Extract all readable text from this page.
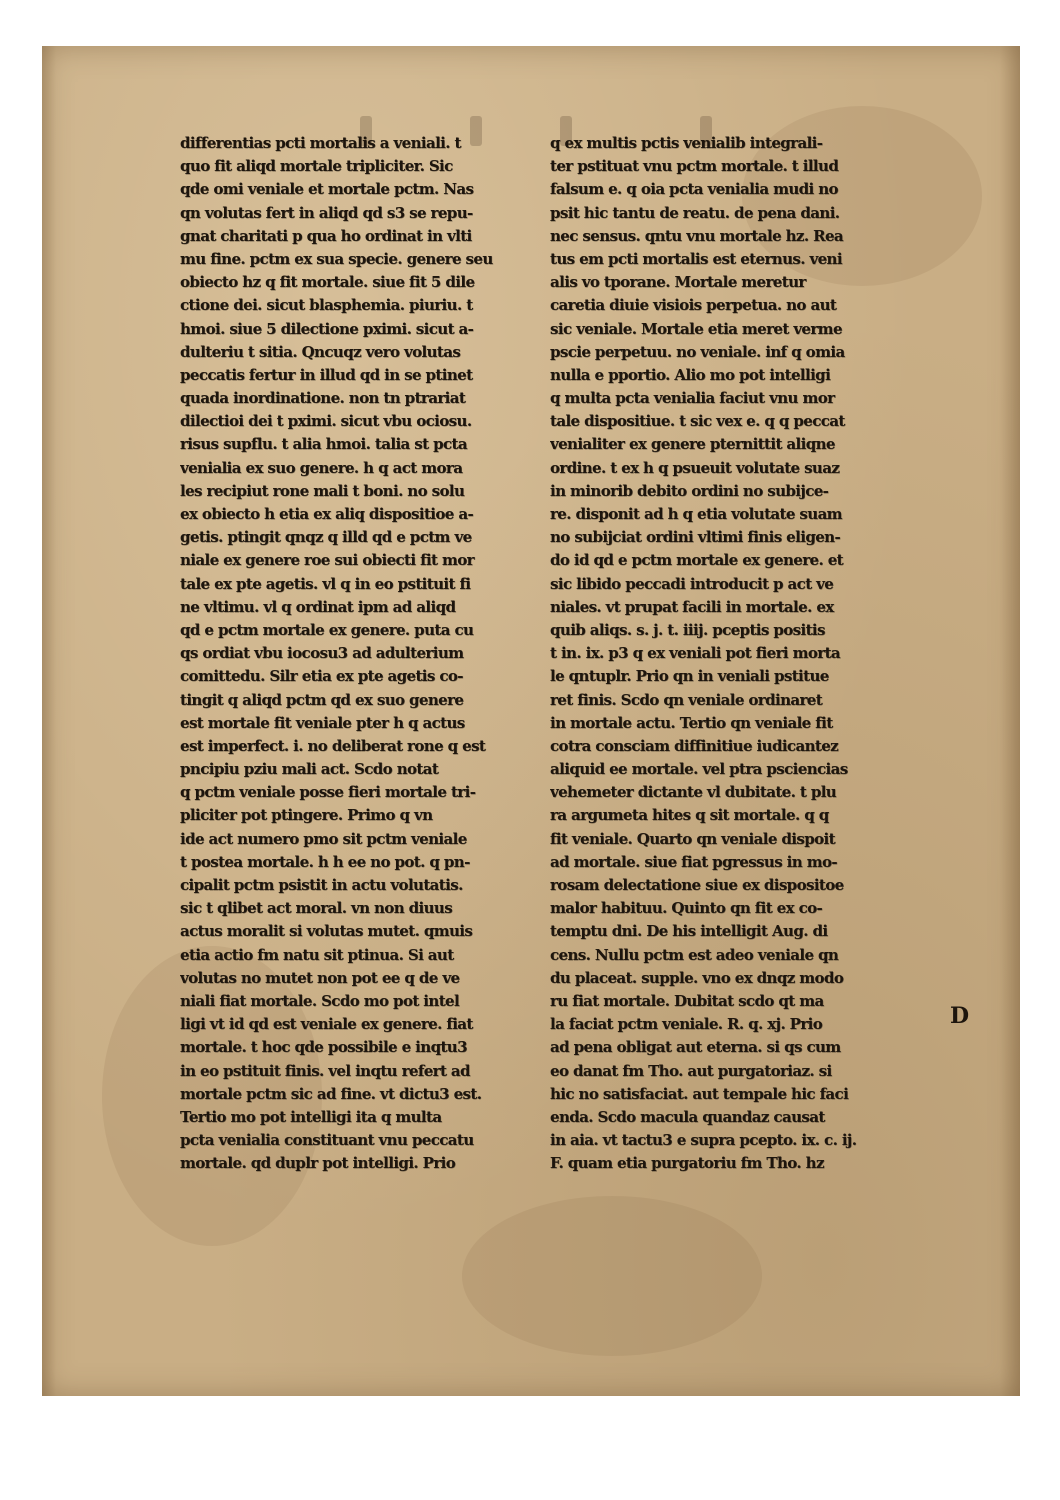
differentias pcti mortalis a veniali. t
quo fit aliqd mortale tripliciter. Sic
qde omi veniale et mortale pctm. Nas
qn volutas fert in aliqd qd s3 se repu-
gnat charitati p qua ho ordinat in vlti
mu fine. pctm ex sua specie. genere seu
obiecto hz q fit mortale. siue fit 5 dile
ctione dei. sicut blasphemia. piuriu. t
hmoi. siue 5 dilectione pximi. sicut a-
dulteriu t sitia. Qncuqz vero volutas
peccatis fertur in illud qd in se ptinet
quada inordinatione. non tn ptrariat
dilectioi dei t pximi. sicut vbu ociosu.
risus supflu. t alia hmoi. talia st pcta
venialia ex suo genere. h q act mora
les recipiut rone mali t boni. no solu
ex obiecto h etia ex aliq dispositioe a-
getis. ptingit qnqz q illd qd e pctm ve
niale ex genere roe sui obiecti fit mor
tale ex pte agetis. vl q in eo pstituit fi
ne vltimu. vl q ordinat ipm ad aliqd
qd e pctm mortale ex genere. puta cu
qs ordiat vbu iocosu3 ad adulterium
comittedu. Silr etia ex pte agetis co-
tingit q aliqd pctm qd ex suo genere
est mortale fit veniale pter h q actus
est imperfect. i. no deliberat rone q est
pncipiu pziu mali act. Scdo notat
q pctm veniale posse fieri mortale tri-
pliciter pot ptingere. Primo q vn
ide act numero pmo sit pctm veniale
t postea mortale. h h ee no pot. q pn-
cipalit pctm psistit in actu volutatis.
sic t qlibet act moral. vn non diuus
actus moralit si volutas mutet. qmuis
etia actio fm natu sit ptinua. Si aut
volutas no mutet non pot ee q de ve
niali fiat mortale. Scdo mo pot intel
ligi vt id qd est veniale ex genere. fiat
mortale. t hoc qde possibile e inqtu3
in eo pstituit finis. vel inqtu refert ad
mortale pctm sic ad fine. vt dictu3 est.
Tertio mo pot intelligi ita q multa
pcta venialia constituant vnu peccatu
mortale. qd duplr pot intelligi. Prio
q ex multis pctis venialib integrali-
ter pstituat vnu pctm mortale. t illud
falsum e. q oia pcta venialia mudi no
psit hic tantu de reatu. de pena dani.
nec sensus. qntu vnu mortale hz. Rea
tus em pcti mortalis est eternus. veni
alis vo tporane. Mortale meretur
caretia diuie visiois perpetua. no aut
sic veniale. Mortale etia meret verme
pscie perpetuu. no veniale. inf q omia
nulla e pportio. Alio mo pot intelligi
q multa pcta venialia faciut vnu mor
tale dispositiue. t sic vex e. q q peccat
venialiter ex genere pternittit aliqne
ordine. t ex h q psueuit volutate suaz
in minorib debito ordini no subijce-
re. disponit ad h q etia volutate suam
no subijciat ordini vltimi finis eligen-
do id qd e pctm mortale ex genere. et
sic libido peccadi introducit p act ve
niales. vt prupat facili in mortale. ex
quib aliqs. s. j. t. iiij. pceptis positis
t in. ix. p3 q ex veniali pot fieri morta
le qntuplr. Prio qn in veniali pstitue
ret finis. Scdo qn veniale ordinaret
in mortale actu. Tertio qn veniale fit
cotra consciam diffinitiue iudicantez
aliquid ee mortale. vel ptra psciencias
vehemeter dictante vl dubitate. t plu
ra argumeta hites q sit mortale. q q
fit veniale. Quarto qn veniale dispoit
ad mortale. siue fiat pgressus in mo-
rosam delectatione siue ex dispositoe
malor habituu. Quinto qn fit ex co-
temptu dni. De his intelligit Aug. di
cens. Nullu pctm est adeo veniale qn
du placeat. supple. vno ex dnqz modo
ru fiat mortale. Dubitat scdo qt ma
la faciat pctm veniale. R. q. xj. Prio
ad pena obligat aut eterna. si qs cum
eo danat fm Tho. aut purgatoriaz. si
hic no satisfaciat. aut tempale hic faci
enda. Scdo macula quandaz causat
in aia. vt tactu3 e supra pcepto. ix. c. ij.
F. quam etia purgatoriu fm Tho. hz
D
